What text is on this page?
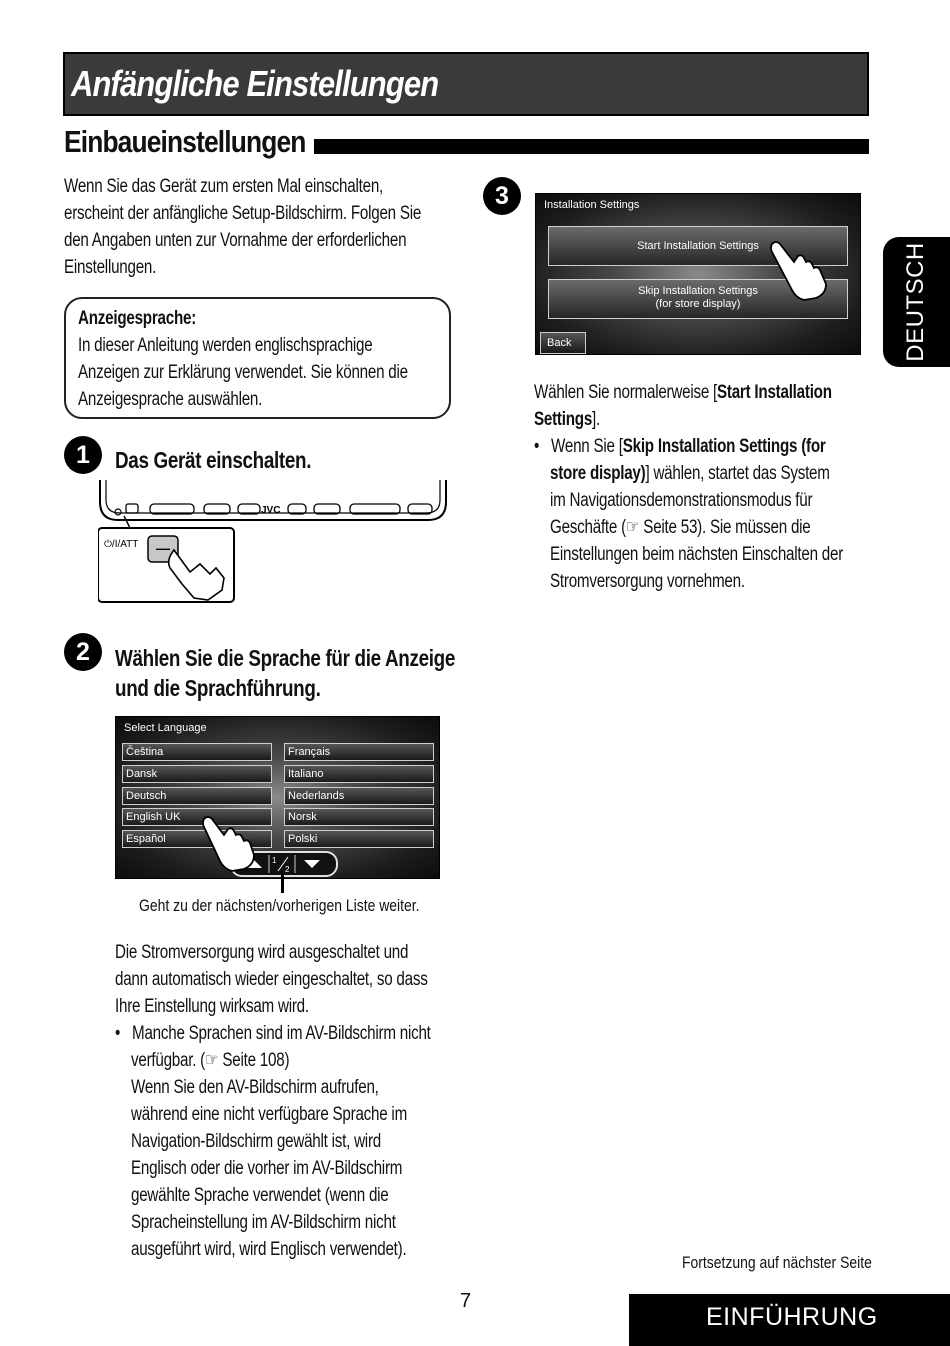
Anfängliche Einstellungen
Einbaueinstellungen
Wenn Sie das Gerät zum ersten Mal einschalten,
erscheint der anfängliche Setup-Bildschirm. Folgen Sie
den Angaben unten zur Vornahme der erforderlichen
Einstellungen.
Anzeigesprache:
In dieser Anleitung werden englischsprachige
Anzeigen zur Erklärung verwendet. Sie können die
Anzeigesprache auswählen.
1	Das Gerät einschalten.
JVC
⏻/I/ATT —
2	Wählen Sie die Sprache für die Anzeige
und die Sprachführung.
Select Language
Čeština
Dansk
Deutsch
English UK
Español
Français
Italiano
Nederlands
Norsk
Polski
1
2
Geht zu der nächsten/vorherigen Liste weiter.
Die Stromversorgung wird ausgeschaltet und
dann automatisch wieder eingeschaltet, so dass
Ihre Einstellung wirksam wird.
•   Manche Sprachen sind im AV-Bildschirm nicht
verfügbar. (☞ Seite 108)
Wenn Sie den AV-Bildschirm aufrufen,
während eine nicht verfügbare Sprache im
Navigation-Bildschirm gewählt ist, wird
Englisch oder die vorher im AV-Bildschirm
gewählte Sprache verwendet (wenn die
Spracheinstellung im AV-Bildschirm nicht
ausgeführt wird, wird Englisch verwendet).
3	Installation Settings
Start Installation Settings
Skip Installation Settings
(for store display)
Back
Wählen Sie normalerweise [Start Installation
Settings].
•   Wenn Sie [Skip Installation Settings (for
store display)] wählen, startet das System
im Navigationsdemonstrationsmodus für
Geschäfte (☞ Seite 53). Sie müssen die
Einstellungen beim nächsten Einschalten der
Stromversorgung vornehmen.
DEUTSCH
Fortsetzung auf nächster Seite
7
EINFÜHRUNG
